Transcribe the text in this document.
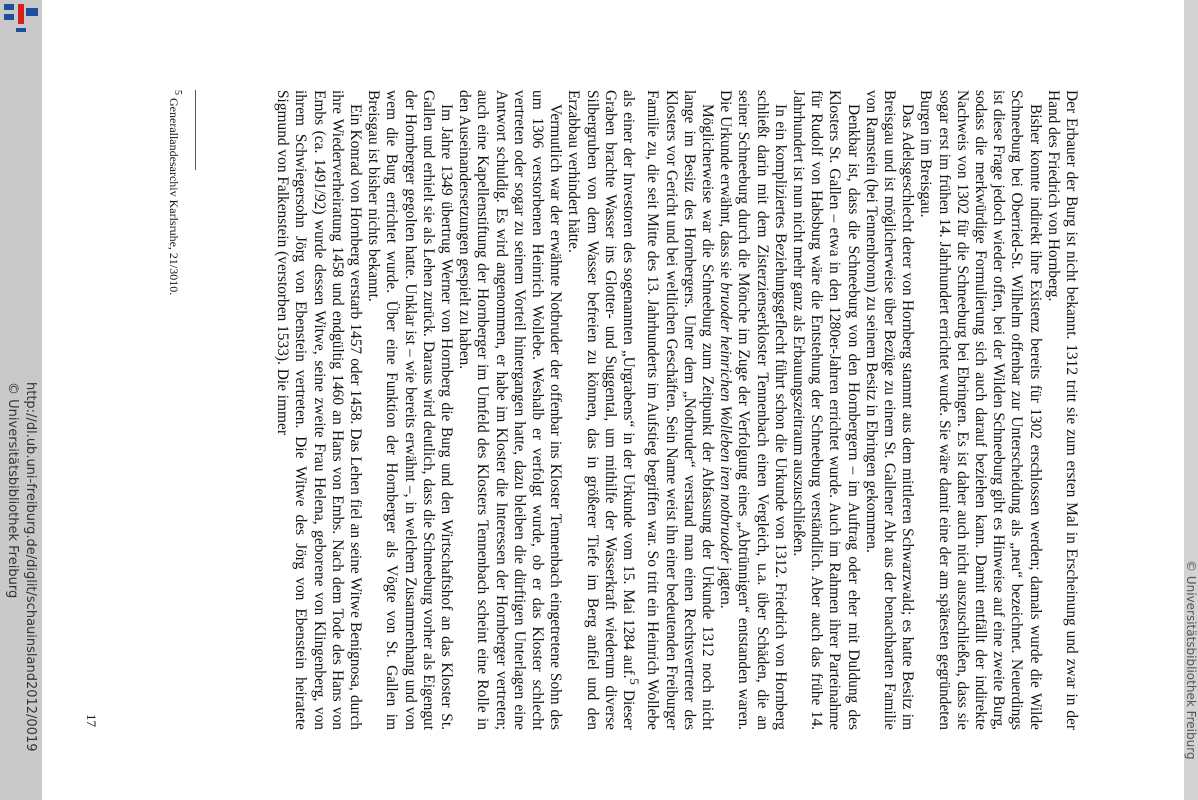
http://dl.ub.uni-freiburg.de/diglit/schauinsland2012/0019
© Universitätsbibliothek Freiburg
© Universitätsbibliothek Freiburg

Der Erbauer der Burg ist nicht bekannt. 1312 tritt sie zum ersten Mal in Erscheinung und zwar in der Hand des Friedrich von Hornberg.

Bisher konnte indirekt ihre Existenz bereits für 1302 erschlossen werden; damals wurde die Wilde Schneeburg bei Oberried-St. Wilhelm offenbar zur Unterscheidung als „neu“ bezeichnet. Neuerdings ist diese Frage jedoch wieder offen, bei der Wilden Schneeburg gibt es Hinweise auf eine zweite Burg, sodass die merkwürdige Formulierung sich auch darauf beziehen kann. Damit entfällt der indirekte Nachweis von 1302 für die Schneeburg bei Ebringen. Es ist daher auch nicht auszuschließen, dass sie sogar erst im frühen 14. Jahrhundert errichtet wurde. Sie wäre damit eine der am spätesten gegründeten Burgen im Breisgau.

Das Adelsgeschlecht derer von Hornberg stammt aus dem mittleren Schwarzwald; es hatte Besitz im Breisgau und ist möglicherweise über Bezüge zu einem St. Gallener Abt aus der benachbarten Familie von Ramstein (bei Tennenbronn) zu seinem Besitz in Ebringen gekommen.

Denkbar ist, dass die Schneeburg von den Hornbergern – im Auftrag oder eher mit Duldung des Klosters St. Gallen – etwa in den 1280er-Jahren errichtet wurde. Auch im Rahmen ihrer Parteinahme für Rudolf von Habsburg wäre die Entstehung der Schneeburg verständlich. Aber auch das frühe 14. Jahrhundert ist nun nicht mehr ganz als Erbauungszeitraum auszuschließen.

In ein kompliziertes Beziehungsgeflecht führt schon die Urkunde von 1312. Friedrich von Hornberg schließt darin mit dem Zisterzienserkloster Tennenbach einen Vergleich, u.a. über Schäden, die an seiner Schneeburg durch die Mönche im Zuge der Verfolgung eines „Abtrünnigen“ entstanden waren. Die Urkunde erwähnt, dass sie bruoder heinrichen Wolleben iren notbruoder jagten.

Möglicherweise war die Schneeburg zum Zeitpunkt der Abfassung der Urkunde 1312 noch nicht lange im Besitz des Hornbergers. Unter dem „Notbruder“ verstand man einen Rechtsvertreter des Klosters vor Gericht und bei weltlichen Geschäften. Sein Name weist ihn einer bedeutenden Freiburger Familie zu, die seit Mitte des 13. Jahrhunderts im Aufstieg begriffen war. So tritt ein Heinrich Wollebe als einer der Investoren des sogenannten „Urgrabens“ in der Urkunde vom 15. Mai 1284 auf.$^5$ Dieser Graben brachte Wasser ins Glotter- und Suggental, um mithilfe der Wasserkraft wiederum diverse Silbergruben von dem Wasser befreien zu können, das in größerer Tiefe im Berg anfiel und den Erzabbau verhindert hätte.

Vermutlich war der erwähnte Notbruder der offenbar ins Kloster Tennenbach eingetretene Sohn des um 1306 verstorbenen Heinrich Wollebe. Weshalb er verfolgt wurde, ob er das Kloster schlecht vertreten oder sogar zu seinem Vorteil hintergangen hatte, dazu bleiben die dürftigen Unterlagen eine Antwort schuldig. Es wird angenommen, er habe im Kloster die Interessen der Hornberger vertreten; auch eine Kapellenstiftung der Hornberger im Umfeld des Klosters Tennenbach scheint eine Rolle in den Auseinandersetzungen gespielt zu haben.

Im Jahre 1349 übertrug Werner von Hornberg die Burg und den Wirtschaftshof an das Kloster St. Gallen und erhielt sie als Lehen zurück. Daraus wird deutlich, dass die Schneeburg vorher als Eigengut der Hornberger gegolten hatte. Unklar ist – wie bereits erwähnt –, in welchem Zusammenhang und von wem die Burg errichtet wurde. Über eine Funktion der Hornberger als Vögte von St. Gallen im Breisgau ist bisher nichts bekannt.

Ein Konrad von Hornberg verstarb 1457 oder 1458. Das Lehen fiel an seine Witwe Benignosa, durch ihre Wiederverheiratung 1458 und endgültig 1460 an Hans von Embs. Nach dem Tode des Hans von Embs (ca. 1491/92) wurde dessen Witwe, seine zweite Frau Helena, geborene von Klingenberg, von ihrem Schwiegersohn Jörg von Ebenstein vertreten. Die Witwe des Jörg von Ebenstein heiratete Sigmund von Falkenstein (verstorben 1533). Die immer

$^5$ Generallandesarchiv Karlsruhe, 21/3010.
17
